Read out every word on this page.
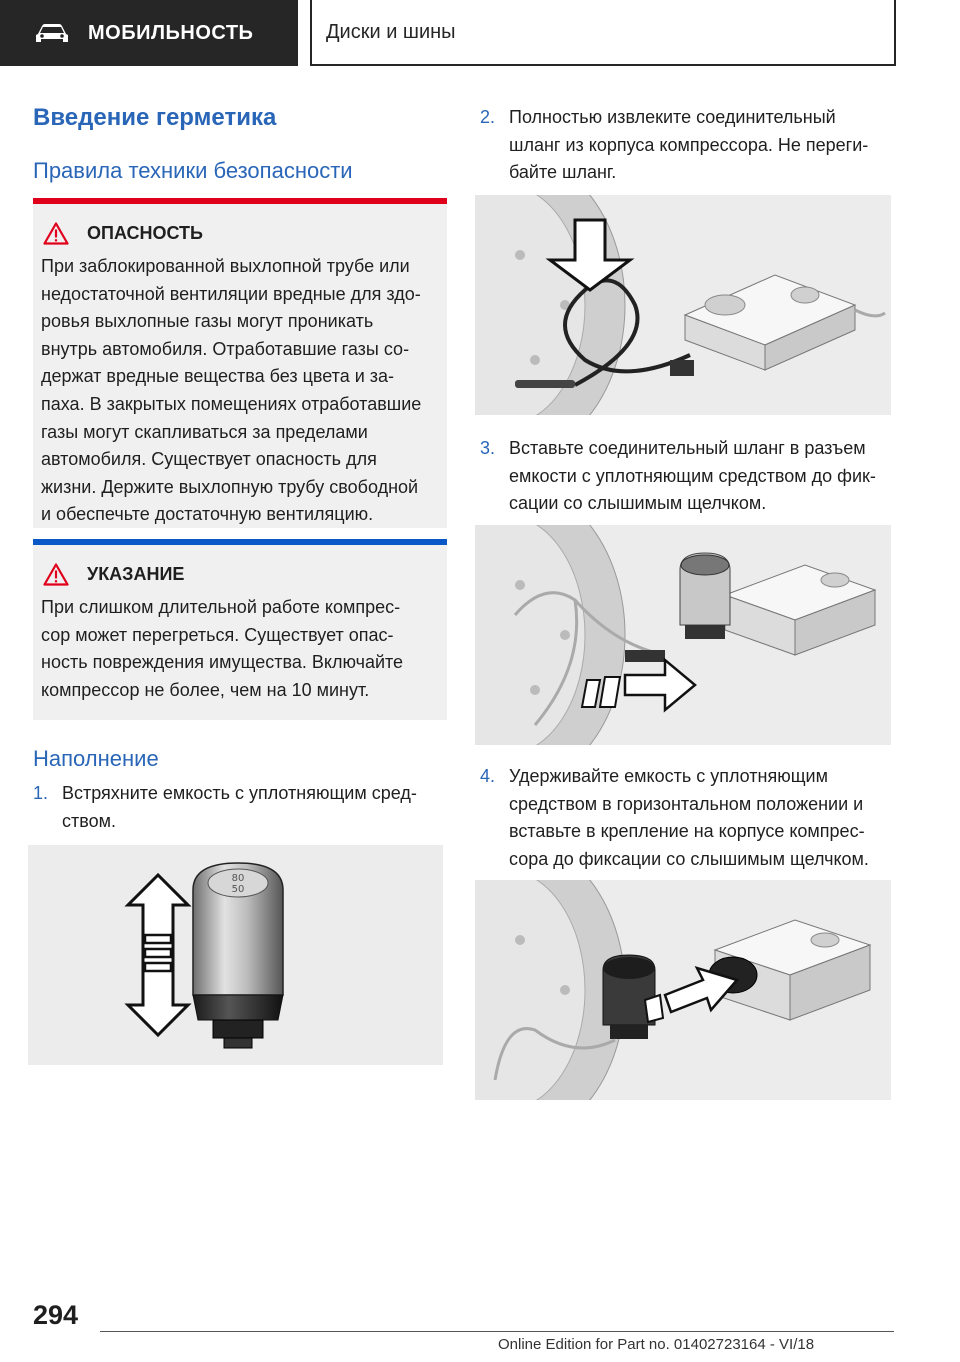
МОБИЛЬНОСТЬ	Диски и шины
Введение герметика
Правила техники безопасности
ОПАСНОСТЬ
При заблокированной выхлопной трубе или
недостаточной вентиляции вредные для здо-
ровья выхлопные газы могут проникать
внутрь автомобиля. Отработавшие газы со-
держат вредные вещества без цвета и за-
паха. В закрытых помещениях отработавшие
газы могут скапливаться за пределами
автомобиля. Существует опасность для
жизни. Держите выхлопную трубу свободной
и обеспечьте достаточную вентиляцию.
УКАЗАНИЕ
При слишком длительной работе компрес-
сор может перегреться. Существует опас-
ность повреждения имущества. Включайте
компрессор не более, чем на 10 минут.
Наполнение
1. Встряхните емкость с уплотняющим сред-
ством.
80
50
2. Полностью извлеките соединительный
шланг из корпуса компрессора. Не переги-
байте шланг.
3. Вставьте соединительный шланг в разъем
емкости с уплотняющим средством до фик-
сации со слышимым щелчком.
4. Удерживайте емкость с уплотняющим
средством в горизонтальном положении и
вставьте в крепление на корпусе компрес-
сора до фиксации со слышимым щелчком.
294
Online Edition for Part no. 01402723164 - VI/18
